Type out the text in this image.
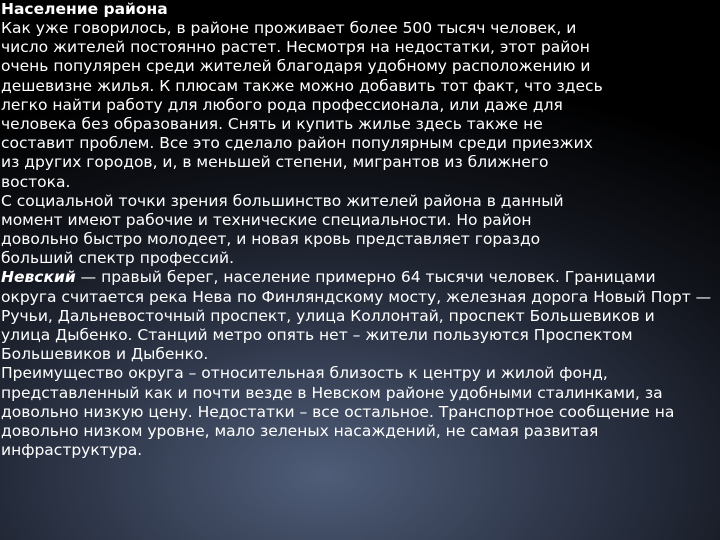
Население района
Как уже говорилось, в районе проживает более 500 тысяч человек, и
число жителей постоянно растет. Несмотря на недостатки, этот район
очень популярен среди жителей благодаря удобному расположению и
дешевизне жилья. К плюсам также можно добавить тот факт, что здесь
легко найти работу для любого рода профессионала, или даже для
человека без образования. Снять и купить жилье здесь также не
составит проблем. Все это сделало район популярным среди приезжих
из других городов, и, в меньшей степени, мигрантов из ближнего
востока.
С социальной точки зрения большинство жителей района в данный
момент имеют рабочие и технические специальности. Но район
довольно быстро молодеет, и новая кровь представляет гораздо
больший спектр профессий.
Невский — правый берег, население примерно 64 тысячи человек. Границами
округа считается река Нева по Финляндскому мосту, железная дорога Новый Порт —
Ручьи, Дальневосточный проспект, улица Коллонтай, проспект Большевиков и
улица Дыбенко. Станций метро опять нет – жители пользуются Проспектом
Большевиков и Дыбенко.
Преимущество округа – относительная близость к центру и жилой фонд,
представленный как и почти везде в Невском районе удобными сталинками, за
довольно низкую цену. Недостатки – все остальное. Транспортное сообщение на
довольно низком уровне, мало зеленых насаждений, не самая развитая
инфраструктура.
